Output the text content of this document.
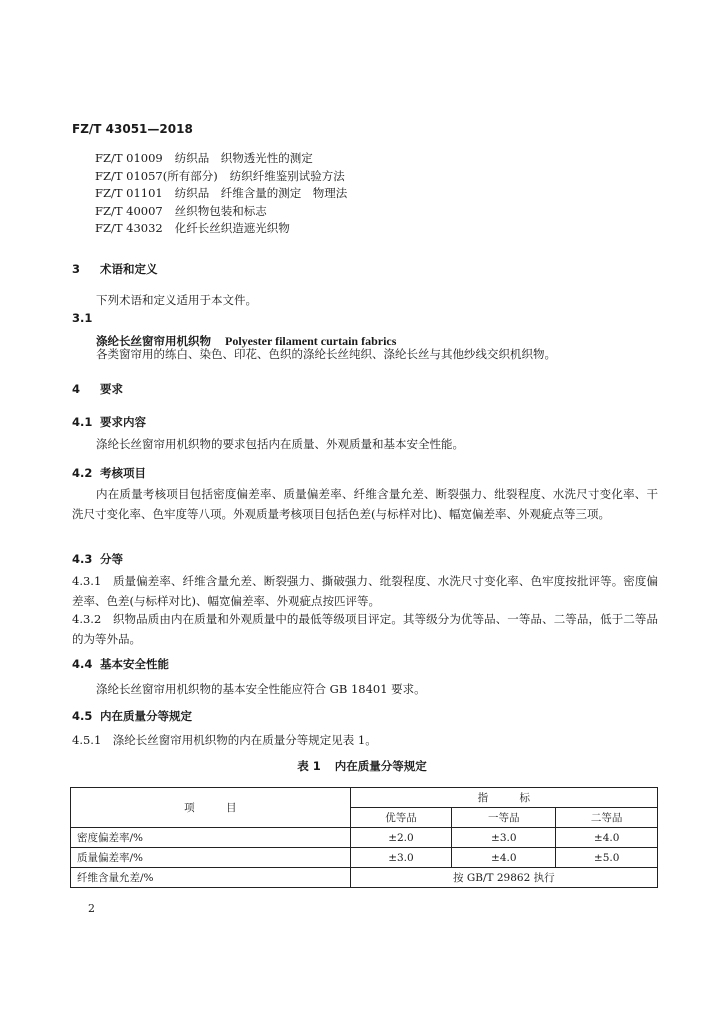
FZ/T 43051—2018
FZ/T 01009 纺织品　织物透光性的测定
FZ/T 01057(所有部分) 纺织纤维鉴别试验方法
FZ/T 01101 纺织品　纤维含量的测定　物理法
FZ/T 40007 丝织物包装和标志
FZ/T 43032 化纤长丝织造遮光织物
3 术语和定义
下列术语和定义适用于本文件。
3.1
涤纶长丝窗帘用机织物 Polyester filament curtain fabrics
各类窗帘用的练白、染色、印花、色织的涤纶长丝纯织、涤纶长丝与其他纱线交织机织物。
4 要求
4.1 要求内容
涤纶长丝窗帘用机织物的要求包括内在质量、外观质量和基本安全性能。
4.2 考核项目
内在质量考核项目包括密度偏差率、质量偏差率、纤维含量允差、断裂强力、纰裂程度、水洗尺寸变化率、干洗尺寸变化率、色牢度等八项。外观质量考核项目包括色差(与标样对比)、幅宽偏差率、外观疵点等三项。
4.3 分等
4.3.1　质量偏差率、纤维含量允差、断裂强力、撕破强力、纰裂程度、水洗尺寸变化率、色牢度按批评等。密度偏差率、色差(与标样对比)、幅宽偏差率、外观疵点按匹评等。
4.3.2　织物品质由内在质量和外观质量中的最低等级项目评定。其等级分为优等品、一等品、二等品，低于二等品的为等外品。
4.4 基本安全性能
涤纶长丝窗帘用机织物的基本安全性能应符合 GB 18401 要求。
4.5 内在质量分等规定
4.5.1　涤纶长丝窗帘用机织物的内在质量分等规定见表 1。
表 1 内在质量分等规定
项　　　目	指　　　标		
	优等品	一等品	二等品
密度偏差率/%	±2.0	±3.0	±4.0
质量偏差率/%	±3.0	±4.0	±5.0
纤维含量允差/%	按 GB/T 29862 执行		
2
